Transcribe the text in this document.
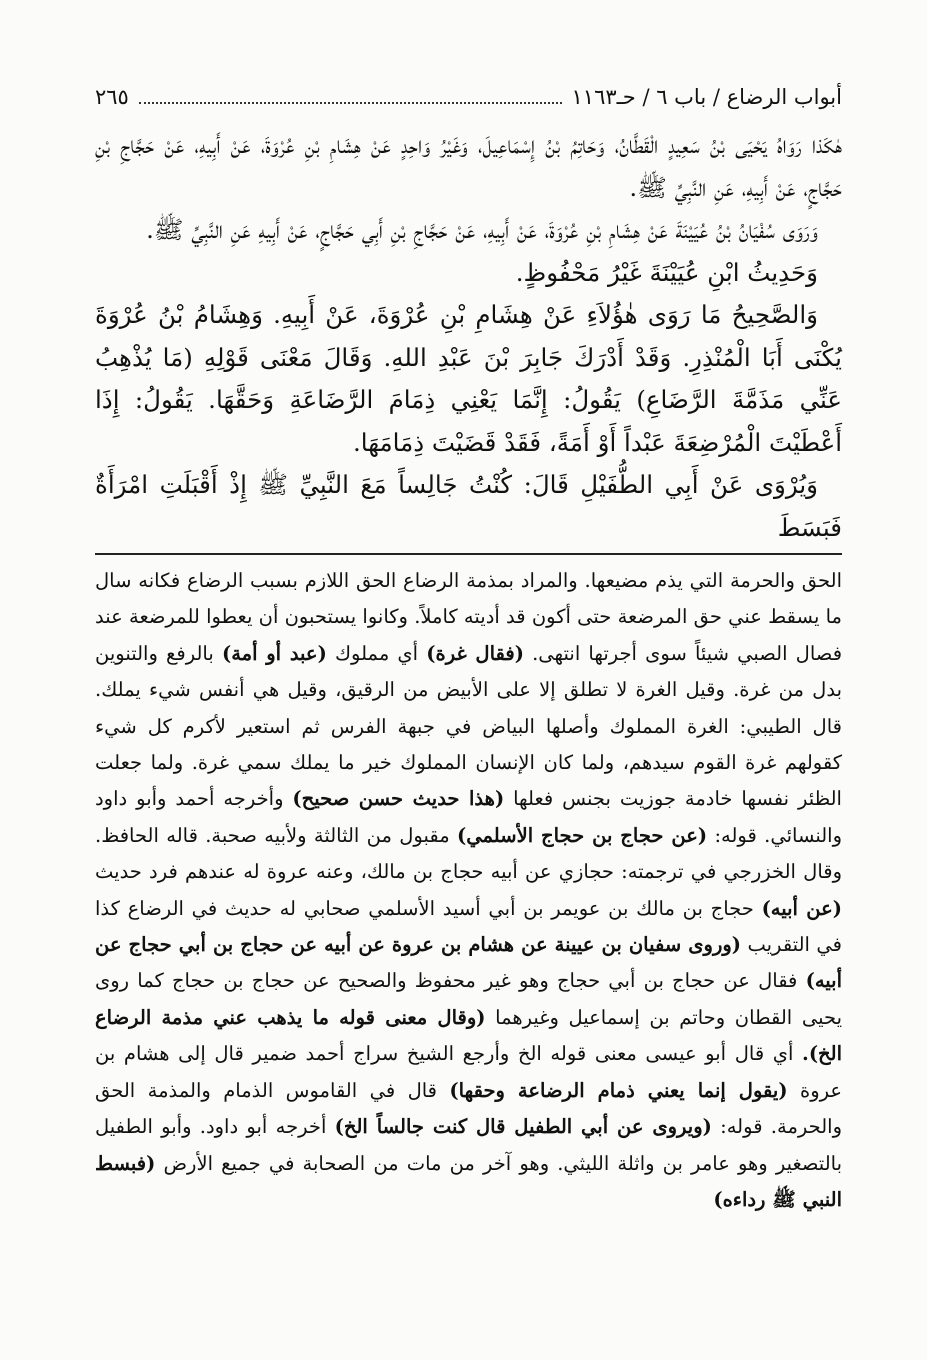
أبواب الرضاع / باب ٦ / حـ١١٦٣
٢٦٥

هٰكَذا رَوَاهُ يَحْيَى بْنُ سَعِيدٍ الْقَطَّانُ، وَحَاتِمُ بْنُ إِسْمَاعِيلَ، وَغَيْرُ وَاحِدٍ عَنْ هِشَامِ بْنِ عُرْوَةَ، عَنْ أَبِيهِ، عَنْ حَجَّاجِ بْنِ حَجَّاجٍ، عَنْ أَبِيهِ، عَنِ النَّبِيِّ ﷺ.

وَرَوَى سُفْيَانُ بْنُ عُيَيْنَةَ عَنْ هِشَامِ بْنِ عُرْوَةَ، عَنْ أَبِيهِ، عَنْ حَجَّاجِ بْنِ أَبِي حَجَّاجٍ، عَنْ أَبِيهِ عَنِ النَّبِيِّ ﷺ.

وَحَدِيثُ ابْنِ عُيَيْنَةَ غَيْرُ مَحْفُوظٍ.

وَالصَّحِيحُ مَا رَوَى هٰؤُلاَءِ عَنْ هِشَامِ بْنِ عُرْوَةَ، عَنْ أَبِيهِ. وَهِشَامُ بْنُ عُرْوَةَ يُكْنَى أَبَا الْمُنْذِرِ. وَقَدْ أَدْرَكَ جَابِرَ بْنَ عَبْدِ اللهِ. وَقَالَ مَعْنَى قَوْلِهِ (مَا يُذْهِبُ عَنِّي مَذَمَّةَ الرَّضَاعِ) يَقُولُ: إِنَّمَا يَعْنِي ذِمَامَ الرَّضَاعَةِ وَحَقَّهَا. يَقُولُ: إِذَا أَعْطَيْتَ الْمُرْضِعَةَ عَبْداً أَوْ أَمَةً، فَقَدْ قَضَيْتَ ذِمَامَهَا.

وَيُرْوَى عَنْ أَبِي الطُّفَيْلِ قَالَ: كُنْتُ جَالِساً مَعَ النَّبِيِّ ﷺ إِذْ أَقْبَلَتِ امْرَأَةٌ فَبَسَطَ

الحق والحرمة التي يذم مضيعها. والمراد بمذمة الرضاع الحق اللازم بسبب الرضاع فكانه سال ما يسقط عني حق المرضعة حتى أكون قد أديته كاملاً. وكانوا يستحبون أن يعطوا للمرضعة عند فصال الصبي شيئاً سوى أجرتها انتهى. (فقال غرة) أي مملوك (عبد أو أمة) بالرفع والتنوين بدل من غرة. وقيل الغرة لا تطلق إلا على الأبيض من الرقيق، وقيل هي أنفس شيء يملك. قال الطيبي: الغرة المملوك وأصلها البياض في جبهة الفرس ثم استعير لأكرم كل شيء كقولهم غرة القوم سيدهم، ولما كان الإنسان المملوك خير ما يملك سمي غرة. ولما جعلت الظئر نفسها خادمة جوزيت بجنس فعلها (هذا حديث حسن صحيح) وأخرجه أحمد وأبو داود والنسائي. قوله: (عن حجاج بن حجاج الأسلمي) مقبول من الثالثة ولأبيه صحبة. قاله الحافظ. وقال الخزرجي في ترجمته: حجازي عن أبيه حجاج بن مالك، وعنه عروة له عندهم فرد حديث (عن أبيه) حجاج بن مالك بن عويمر بن أبي أسيد الأسلمي صحابي له حديث في الرضاع كذا في التقريب (وروى سفيان بن عيينة عن هشام بن عروة عن أبيه عن حجاج بن أبي حجاج عن أبيه) فقال عن حجاج بن أبي حجاج وهو غير محفوظ والصحيح عن حجاج بن حجاج كما روى يحيى القطان وحاتم بن إسماعيل وغيرهما (وقال معنى قوله ما يذهب عني مذمة الرضاع الخ). أي قال أبو عيسى معنى قوله الخ وأرجع الشيخ سراج أحمد ضمير قال إلى هشام بن عروة (يقول إنما يعني ذمام الرضاعة وحقها) قال في القاموس الذمام والمذمة الحق والحرمة. قوله: (ويروى عن أبي الطفيل قال كنت جالساً الخ) أخرجه أبو داود. وأبو الطفيل بالتصغير وهو عامر بن واثلة الليثي. وهو آخر من مات من الصحابة في جميع الأرض (فبسط النبي ﷺ رداءه)
